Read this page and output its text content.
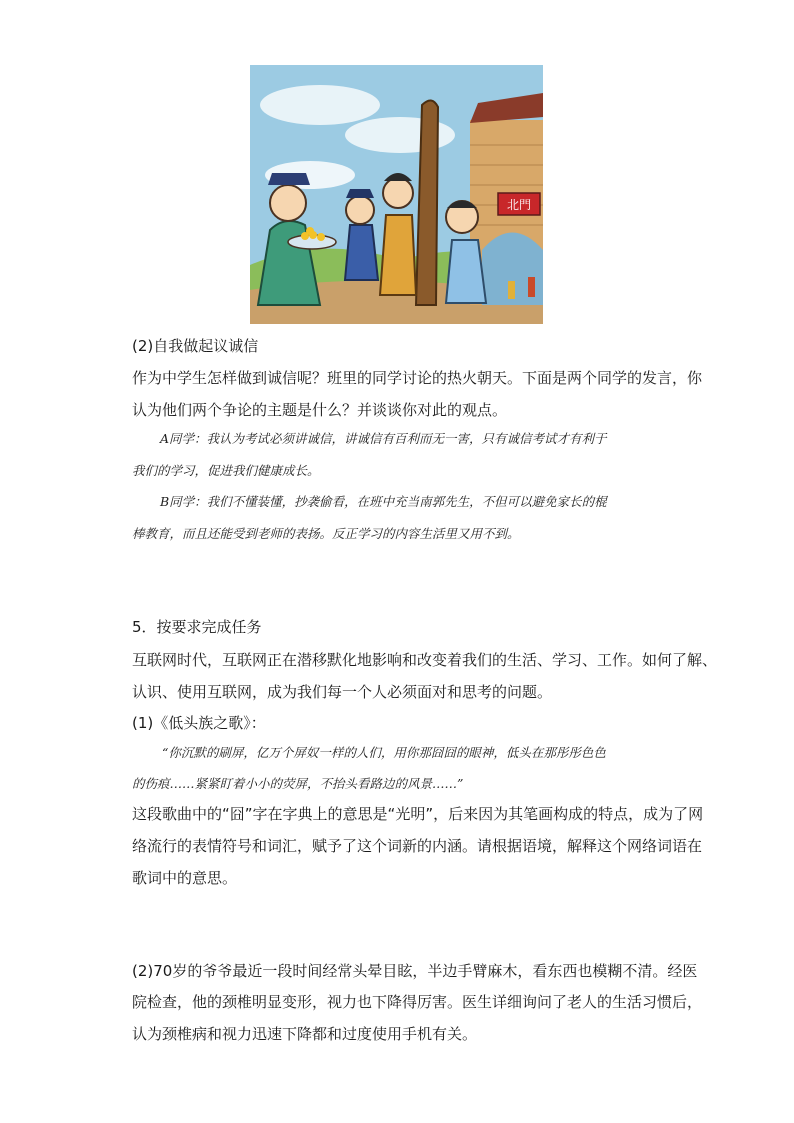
北門
(2)自我做起议诚信
作为中学生怎样做到诚信呢？班里的同学讨论的热火朝天。下面是两个同学的发言，你
认为他们两个争论的主题是什么？并谈谈你对此的观点。
A同学：我认为考试必须讲诚信，讲诚信有百利而无一害，只有诚信考试才有利于
我们的学习，促进我们健康成长。
B同学：我们不懂装懂，抄袭偷看，在班中充当南郭先生，不但可以避免家长的棍
棒教育，而且还能受到老师的表扬。反正学习的内容生活里又用不到。
5．按要求完成任务
互联网时代，互联网正在潜移默化地影响和改变着我们的生活、学习、工作。如何了解、
认识、使用互联网，成为我们每一个人必须面对和思考的问题。
(1)《低头族之歌》：
“你沉默的刷屏，亿万个屏奴一样的人们，用你那囧囧的眼神，低头在那彤彤色色
的伤痕……紧紧盯着小小的荧屏，不抬头看路边的风景……”
这段歌曲中的“囧”字在字典上的意思是“光明”，后来因为其笔画构成的特点，成为了网
络流行的表情符号和词汇，赋予了这个词新的内涵。请根据语境，解释这个网络词语在
歌词中的意思。
(2)70岁的爷爷最近一段时间经常头晕目眩，半边手臂麻木，看东西也模糊不清。经医
院检查，他的颈椎明显变形，视力也下降得厉害。医生详细询问了老人的生活习惯后，
认为颈椎病和视力迅速下降都和过度使用手机有关。
